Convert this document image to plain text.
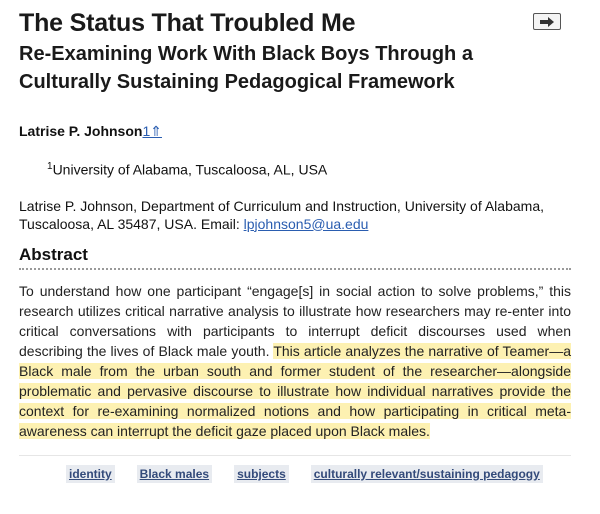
The Status That Troubled Me
Re-Examining Work With Black Boys Through a
Culturally Sustaining Pedagogical Framework
Latrise P. Johnson1⇑
$^1$University of Alabama, Tuscaloosa, AL, USA
Latrise P. Johnson, Department of Curriculum and Instruction, University of Alabama, Tuscaloosa, AL 35487, USA. Email: lpjohnson5@ua.edu
Abstract

To understand how one participant “engage[s] in social action to solve problems,” this research utilizes critical narrative analysis to illustrate how researchers may re-enter into critical conversations with participants to interrupt deficit discourses used when describing the lives of Black male youth. This article analyzes the narrative of Teamer—a Black male from the urban south and former student of the researcher—alongside problematic and pervasive discourse to illustrate how individual narratives provide the context for re-examining normalized notions and how participating in critical meta-awareness can interrupt the deficit gaze placed upon Black males.

identity Black males subjects culturally relevant/sustaining pedagogy
